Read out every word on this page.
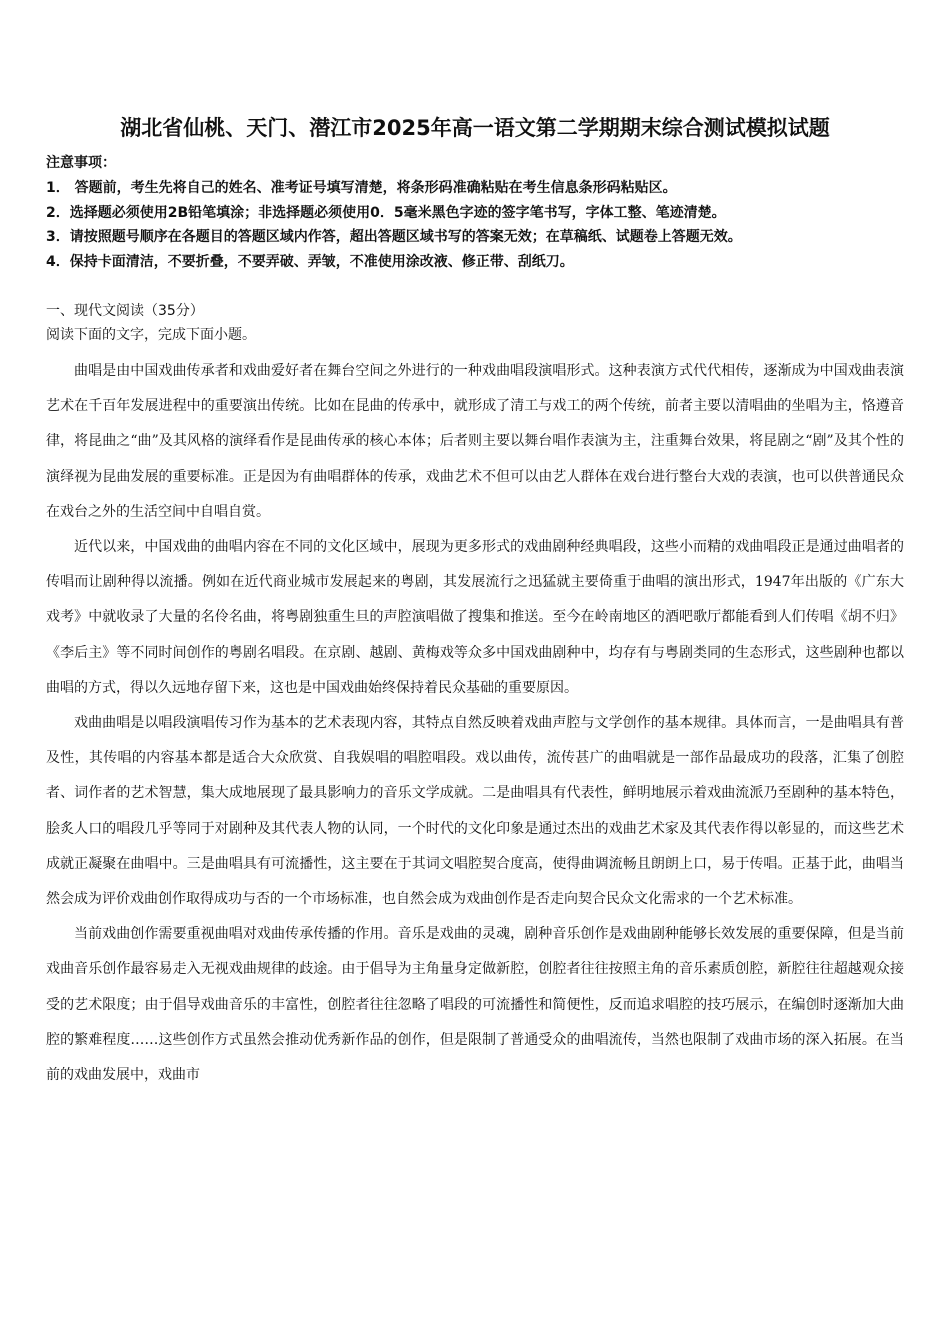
湖北省仙桃、天门、潜江市2025年高一语文第二学期期末综合测试模拟试题
注意事项：
1． 答题前，考生先将自己的姓名、准考证号填写清楚，将条形码准确粘贴在考生信息条形码粘贴区。
2．选择题必须使用2B铅笔填涂；非选择题必须使用0．5毫米黑色字迹的签字笔书写，字体工整、笔迹清楚。
3．请按照题号顺序在各题目的答题区域内作答，超出答题区域书写的答案无效；在草稿纸、试题卷上答题无效。
4．保持卡面清洁，不要折叠，不要弄破、弄皱，不准使用涂改液、修正带、刮纸刀。
一、现代文阅读（35分）
阅读下面的文字，完成下面小题。

曲唱是由中国戏曲传承者和戏曲爱好者在舞台空间之外进行的一种戏曲唱段演唱形式。这种表演方式代代相传，逐渐成为中国戏曲表演艺术在千百年发展进程中的重要演出传统。比如在昆曲的传承中，就形成了清工与戏工的两个传统，前者主要以清唱曲的坐唱为主，恪遵音律，将昆曲之“曲”及其风格的演绎看作是昆曲传承的核心本体；后者则主要以舞台唱作表演为主，注重舞台效果，将昆剧之“剧”及其个性的演绎视为昆曲发展的重要标准。正是因为有曲唱群体的传承，戏曲艺术不但可以由艺人群体在戏台进行整台大戏的表演，也可以供普通民众在戏台之外的生活空间中自唱自赏。

近代以来，中国戏曲的曲唱内容在不同的文化区域中，展现为更多形式的戏曲剧种经典唱段，这些小而精的戏曲唱段正是通过曲唱者的传唱而让剧种得以流播。例如在近代商业城市发展起来的粤剧，其发展流行之迅猛就主要倚重于曲唱的演出形式，1947年出版的《广东大戏考》中就收录了大量的名伶名曲，将粤剧独重生旦的声腔演唱做了搜集和推送。至今在岭南地区的酒吧歌厅都能看到人们传唱《胡不归》《李后主》等不同时间创作的粤剧名唱段。在京剧、越剧、黄梅戏等众多中国戏曲剧种中，均存有与粤剧类同的生态形式，这些剧种也都以曲唱的方式，得以久远地存留下来，这也是中国戏曲始终保持着民众基础的重要原因。

戏曲曲唱是以唱段演唱传习作为基本的艺术表现内容，其特点自然反映着戏曲声腔与文学创作的基本规律。具体而言，一是曲唱具有普及性，其传唱的内容基本都是适合大众欣赏、自我娱唱的唱腔唱段。戏以曲传，流传甚广的曲唱就是一部作品最成功的段落，汇集了创腔者、词作者的艺术智慧，集大成地展现了最具影响力的音乐文学成就。二是曲唱具有代表性，鲜明地展示着戏曲流派乃至剧种的基本特色，脍炙人口的唱段几乎等同于对剧种及其代表人物的认同，一个时代的文化印象是通过杰出的戏曲艺术家及其代表作得以彰显的，而这些艺术成就正凝聚在曲唱中。三是曲唱具有可流播性，这主要在于其词文唱腔契合度高，使得曲调流畅且朗朗上口，易于传唱。正基于此，曲唱当然会成为评价戏曲创作取得成功与否的一个市场标准，也自然会成为戏曲创作是否走向契合民众文化需求的一个艺术标准。

当前戏曲创作需要重视曲唱对戏曲传承传播的作用。音乐是戏曲的灵魂，剧种音乐创作是戏曲剧种能够长效发展的重要保障，但是当前戏曲音乐创作最容易走入无视戏曲规律的歧途。由于倡导为主角量身定做新腔，创腔者往往按照主角的音乐素质创腔，新腔往往超越观众接受的艺术限度；由于倡导戏曲音乐的丰富性，创腔者往往忽略了唱段的可流播性和简便性，反而追求唱腔的技巧展示，在编创时逐渐加大曲腔的繁难程度……这些创作方式虽然会推动优秀新作品的创作，但是限制了普通受众的曲唱流传，当然也限制了戏曲市场的深入拓展。在当前的戏曲发展中，戏曲市
